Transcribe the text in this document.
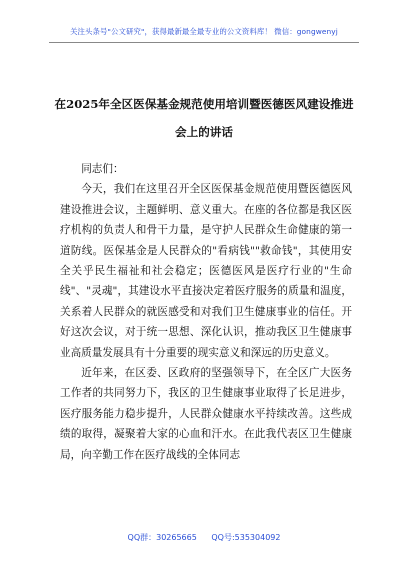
关注头条号"公文研究"，获得最新最全最专业的公文资料库！ 微信：gongwenyj
在2025年全区医保基金规范使用培训暨医德医风建设推进
会上的讲话

同志们：

今天，我们在这里召开全区医保基金规范使用暨医德医风建设推进会议，主题鲜明、意义重大。在座的各位都是我区医疗机构的负责人和骨干力量，是守护人民群众生命健康的第一道防线。医保基金是人民群众的"看病钱""救命钱"，其使用安全关乎民生福祉和社会稳定；医德医风是医疗行业的"生命线"、"灵魂"，其建设水平直接决定着医疗服务的质量和温度，关系着人民群众的就医感受和对我们卫生健康事业的信任。开好这次会议，对于统一思想、深化认识，推动我区卫生健康事业高质量发展具有十分重要的现实意义和深远的历史意义。

近年来，在区委、区政府的坚强领导下，在全区广大医务工作者的共同努力下，我区的卫生健康事业取得了长足进步，医疗服务能力稳步提升，人民群众健康水平持续改善。这些成绩的取得，凝聚着大家的心血和汗水。在此我代表区卫生健康局，向辛勤工作在医疗战线的全体同志

QQ群：30265665 QQ号:535304092
